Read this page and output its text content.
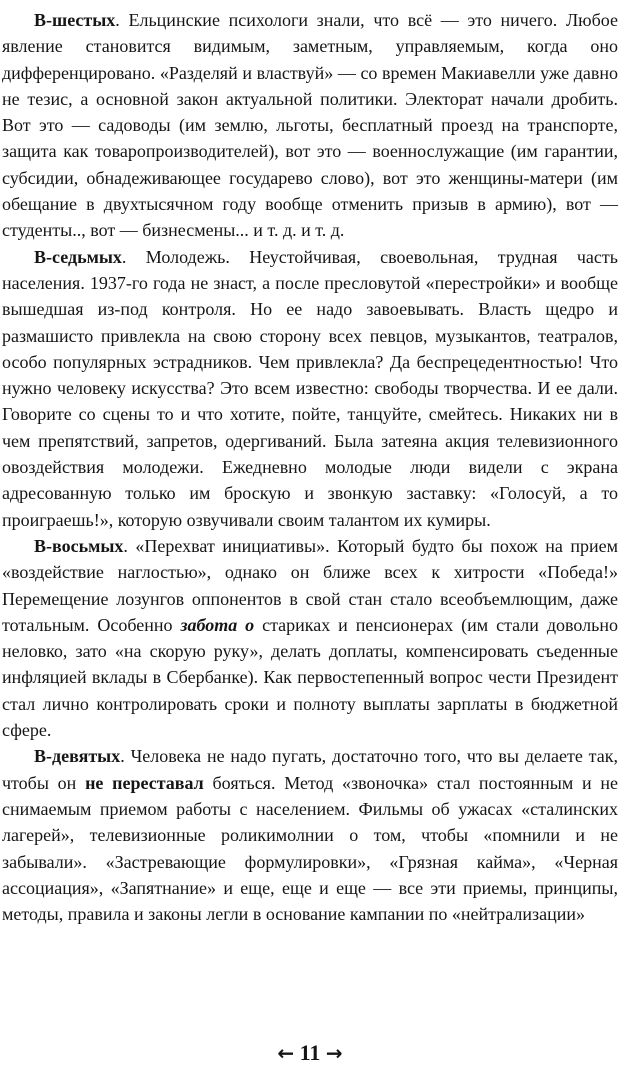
В-шестых. Ельцинские психологи знали, что всё — это ничего. Любое явление становится видимым, заметным, управляемым, когда оно дифференцировано. «Разделяй и властвуй» — со времен Макиавелли уже давно не тезис, а основной закон актуальной политики. Электорат начали дробить. Вот это — садоводы (им землю, льготы, бесплатный проезд на транспорте, защита как товаропроизводителей), вот это — военнослужащие (им гарантии, субсидии, обнадеживающее государево слово), вот это женщины-матери (им обещание в двухтысячном году вообще отменить призыв в армию), вот — студенты.., вот — бизнесмены... и т. д. и т. д.

В-седьмых. Молодежь. Неустойчивая, своевольная, трудная часть населения. 1937-го года не знаст, а после пресловутой «перестройки» и вообще вышедшая из-под контроля. Но ее надо завоевывать. Власть щедро и размашисто привлекла на свою сторону всех певцов, музыкантов, театралов, особо популярных эстрадников. Чем привлекла? Да беспрецедентностью! Что нужно человеку искусства? Это всем известно: свободы творчества. И ее дали. Говорите со сцены то и что хотите, пойте, танцуйте, смейтесь. Никаких ни в чем препятствий, запретов, одергиваний. Была затеяна акция телевизионного овоздействия молодежи. Ежедневно молодые люди видели с экрана адресованную только им броскую и звонкую заставку: «Голосуй, а то проиграешь!», которую озвучивали своим талантом их кумиры.

В-восьмых. «Перехват инициативы». Который будто бы похож на прием «воздействие наглостью», однако он ближе всех к хитрости «Победа!» Перемещение лозунгов оппонентов в свой стан стало всеобъемлющим, даже тотальным. Особенно забота о стариках и пенсионерах (им стали довольно неловко, зато «на скорую руку», делать доплаты, компенсировать съеденные инфляцией вклады в Сбербанке). Как первостепенный вопрос чести Президент стал лично контролировать сроки и полноту выплаты зарплаты в бюджетной сфере.

В-девятых. Человека не надо пугать, достаточно того, что вы делаете так, чтобы он не переставал бояться. Метод «звоночка» стал постоянным и не снимаемым приемом работы с населением. Фильмы об ужасах «сталинских лагерей», телевизионные роликимолнии о том, чтобы «помнили и не забывали». «Застревающие формулировки», «Грязная кайма», «Черная ассоциация», «Запятнание» и еще, еще и еще — все эти приемы, принципы, методы, правила и законы легли в основание кампании по «нейтрализации»

← 11 →
